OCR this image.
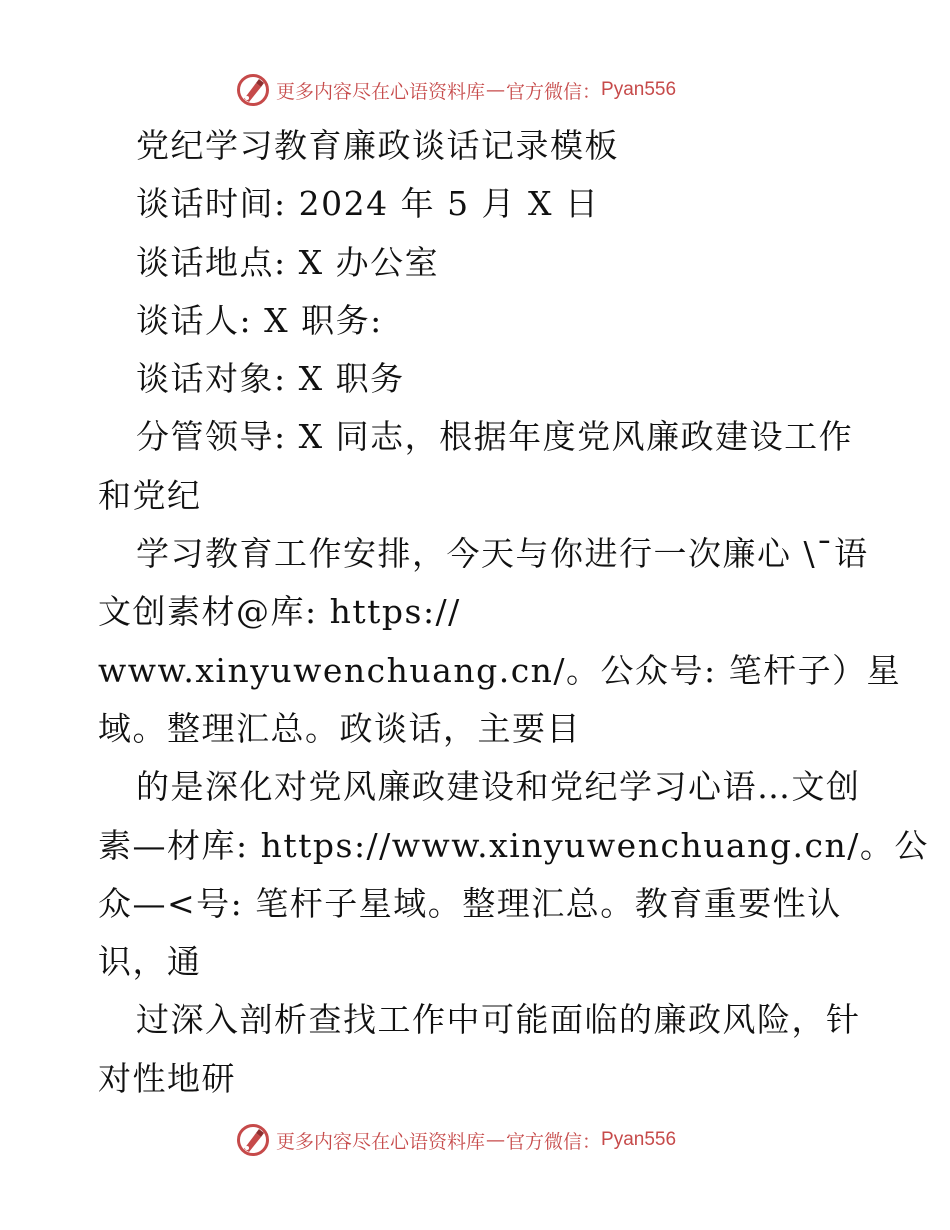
更多内容尽在心语资料库 — 官方微信： Pyan556
党纪学习教育廉政谈话记录模板
谈话时间: 2024 年 5 月 X 日
谈话地点: X 办公室
谈话人: X 职务:
谈话对象: X 职务
分管领导: X 同志，根据年度党风廉政建设工作
和党纪
学习教育工作安排，今天与你进行一次廉心 \¯语
文创素材@库: https://
www.xinyuwenchuang.cn/。公众号: 笔杆子）星
域。整理汇总。政谈话，主要目
的是深化对党风廉政建设和党纪学习心语…文创
素—材库: https://www.xinyuwenchuang.cn/。公
众—<号: 笔杆子星域。整理汇总。教育重要性认
识，通
过深入剖析查找工作中可能面临的廉政风险，针
对性地研
更多内容尽在心语资料库 — 官方微信： Pyan556
